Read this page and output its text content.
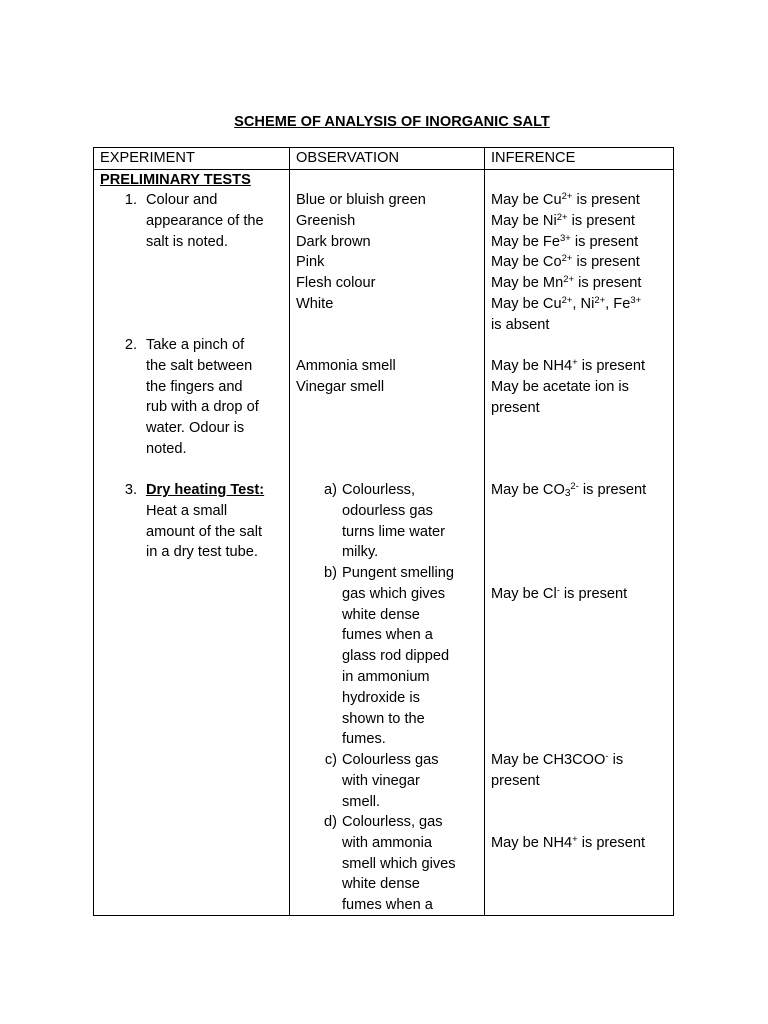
SCHEME OF ANALYSIS OF INORGANIC SALT
EXPERIMENT	OBSERVATION	INFERENCE
PRELIMINARY TESTS
1. Colour and
appearance of the
salt is noted.
Blue or bluish green
Greenish
Dark brown
Pink
Flesh colour
White
May be $Cu^{2+}$ is present
May be $Ni^{2+}$ is present
May be $Fe^{3+}$ is present
May be $Co^{2+}$ is present
May be $Mn^{2+}$ is present
May be $Cu^{2+}$, $Ni^{2+}$, $Fe^{3+}$
is absent
2. Take a pinch of
the salt between
the fingers and
rub with a drop of
water. Odour is
noted.
Ammonia smell
Vinegar smell
May be NH4+ is present
May be acetate ion is
present
3. Dry heating Test:
Heat a small
amount of the salt
in a dry test tube.
a) Colourless,
odourless gas
turns lime water
milky.
b) Pungent smelling
gas which gives
white dense
fumes when a
glass rod dipped
in ammonium
hydroxide is
shown to the
fumes.
c) Colourless gas
with vinegar
smell.
d) Colourless, gas
with ammonia
smell which gives
white dense
fumes when a
May be $CO_3^{2-}$ is present
May be Cl- is present
May be CH3COO- is
present
May be NH4+ is present
